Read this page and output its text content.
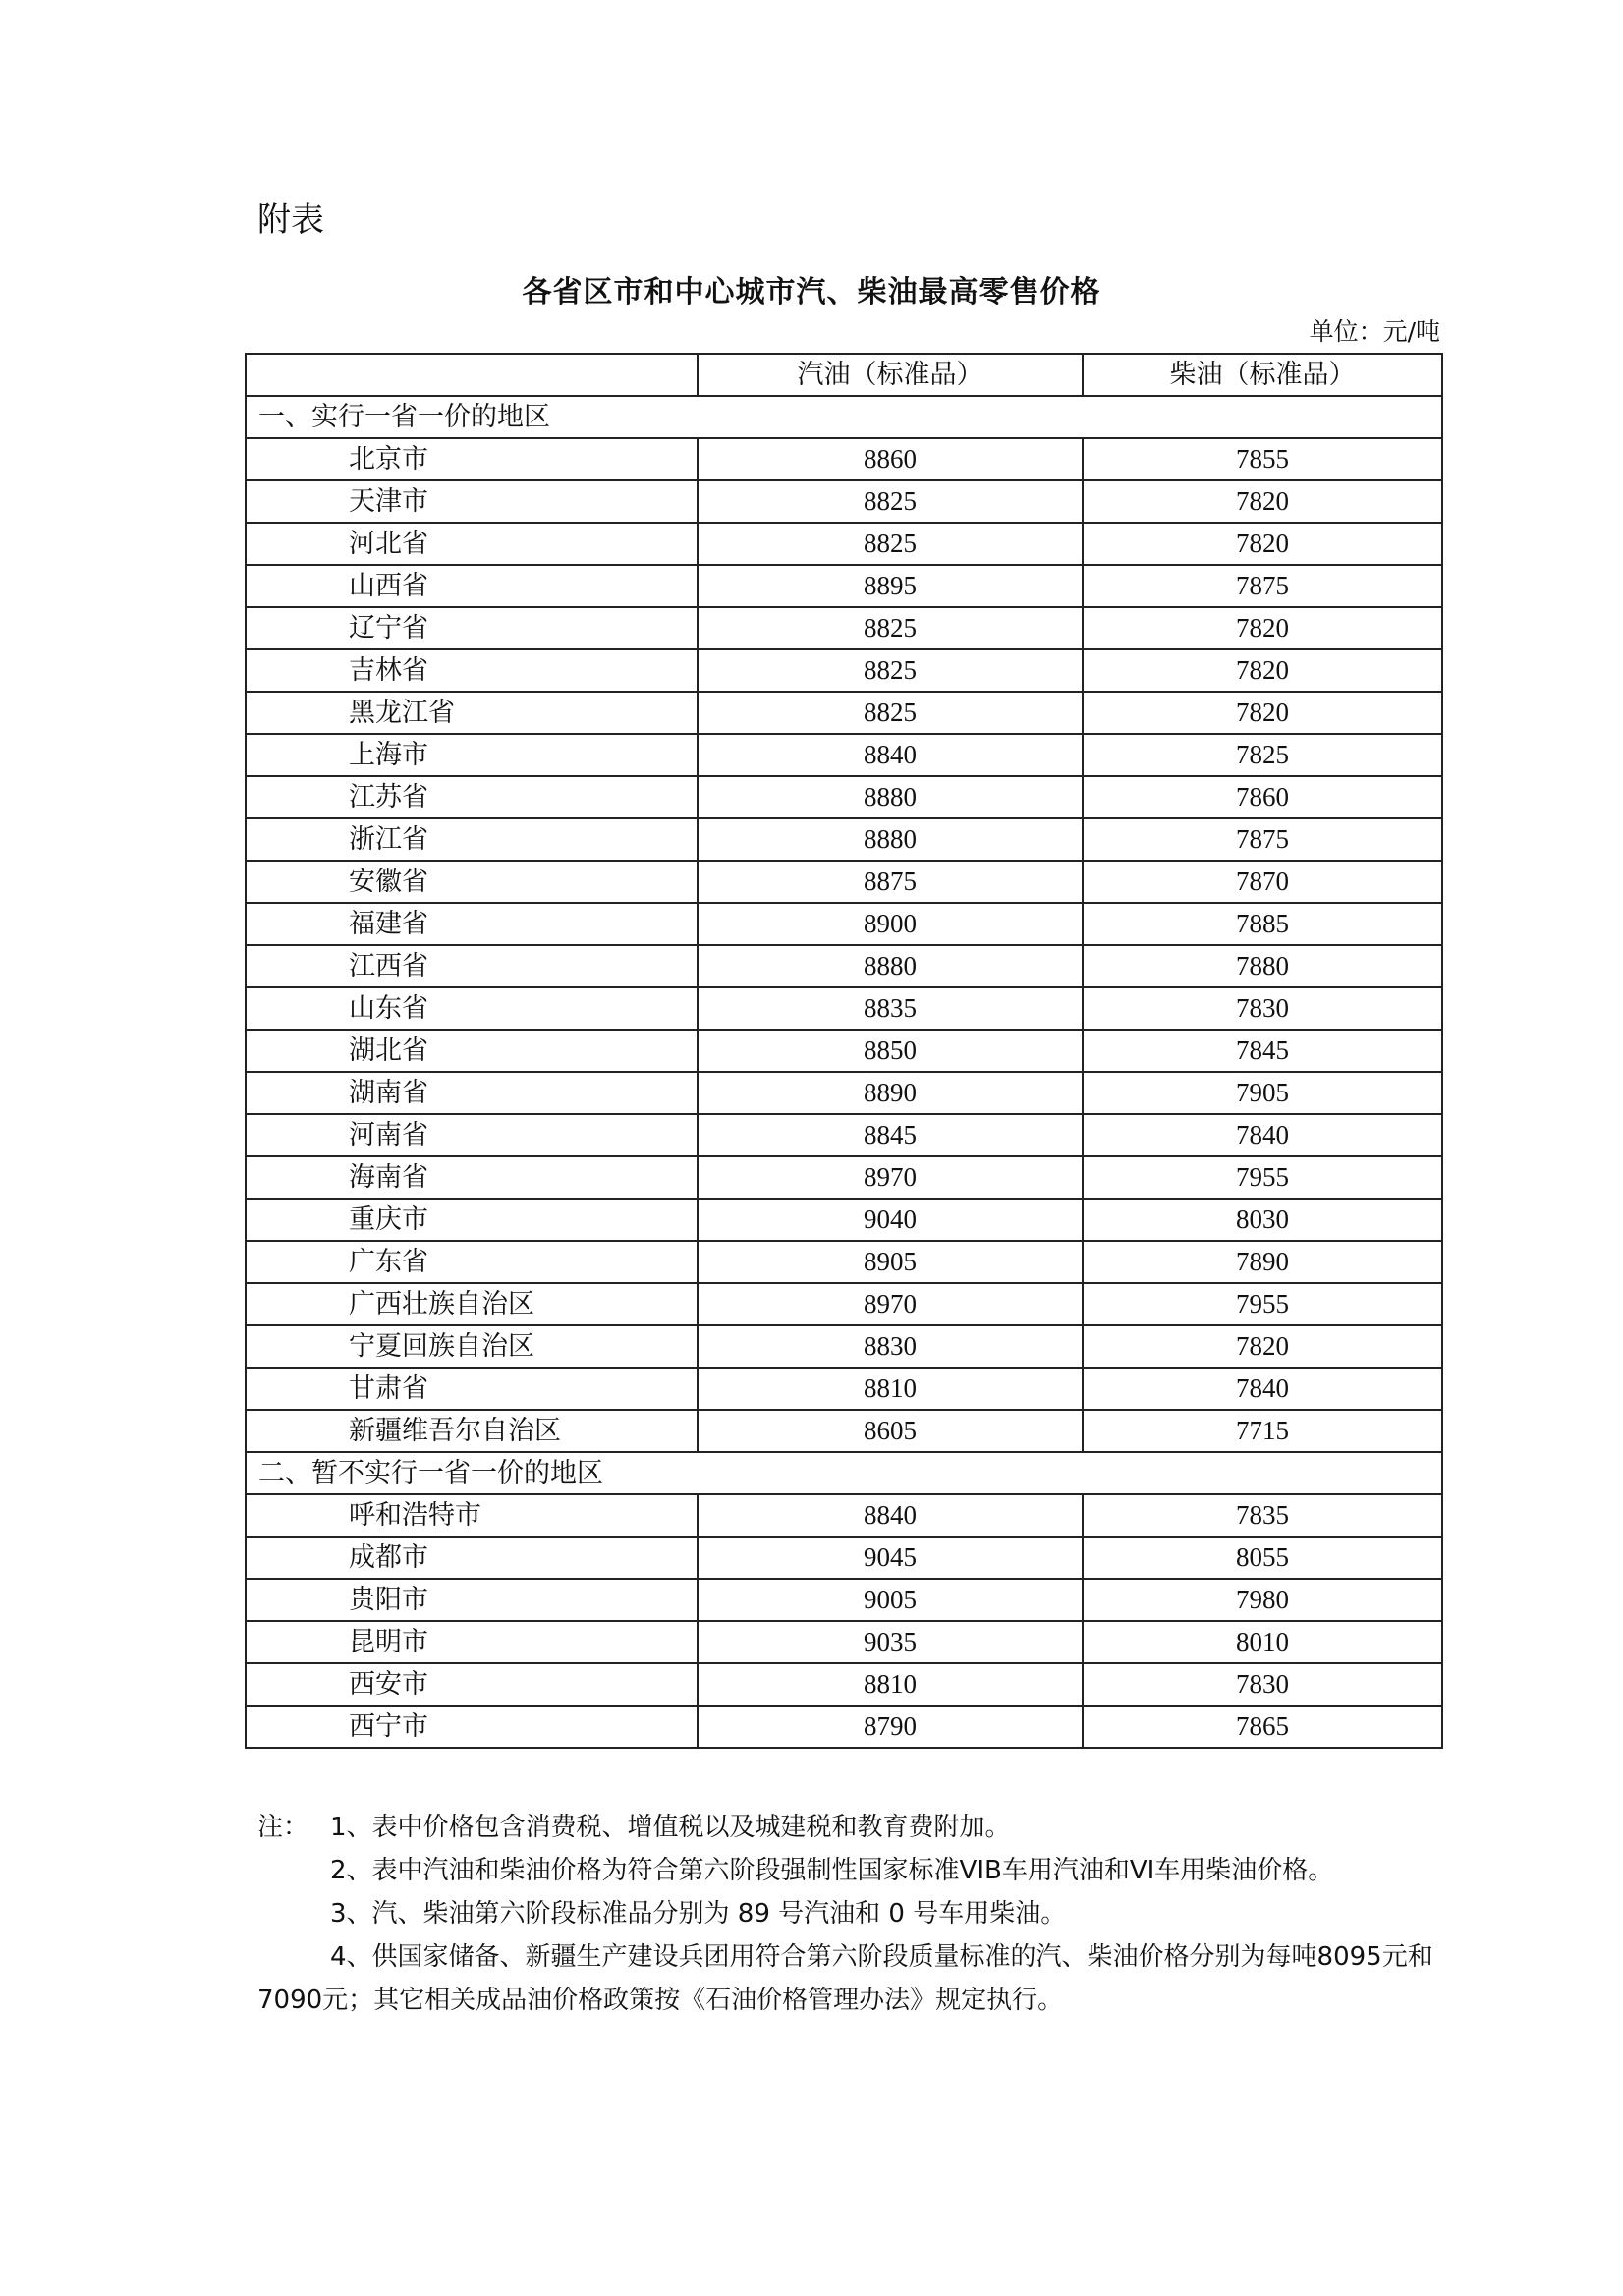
附表
各省区市和中心城市汽、柴油最高零售价格
单位：元/吨
	汽油（标准品）	柴油（标准品）
一、实行一省一价的地区		
北京市	8860	7855
天津市	8825	7820
河北省	8825	7820
山西省	8895	7875
辽宁省	8825	7820
吉林省	8825	7820
黑龙江省	8825	7820
上海市	8840	7825
江苏省	8880	7860
浙江省	8880	7875
安徽省	8875	7870
福建省	8900	7885
江西省	8880	7880
山东省	8835	7830
湖北省	8850	7845
湖南省	8890	7905
河南省	8845	7840
海南省	8970	7955
重庆市	9040	8030
广东省	8905	7890
广西壮族自治区	8970	7955
宁夏回族自治区	8830	7820
甘肃省	8810	7840
新疆维吾尔自治区	8605	7715
二、暂不实行一省一价的地区		
呼和浩特市	8840	7835
成都市	9045	8055
贵阳市	9005	7980
昆明市	9035	8010
西安市	8810	7830
西宁市	8790	7865

注： 1、表中价格包含消费税、增值税以及城建税和教育费附加。

2、表中汽油和柴油价格为符合第六阶段强制性国家标准VIB车用汽油和VI车用柴油价格。

3、汽、柴油第六阶段标准品分别为 89 号汽油和 0 号车用柴油。

4、供国家储备、新疆生产建设兵团用符合第六阶段质量标准的汽、柴油价格分别为每吨8095元和 7090元；其它相关成品油价格政策按《石油价格管理办法》规定执行。
